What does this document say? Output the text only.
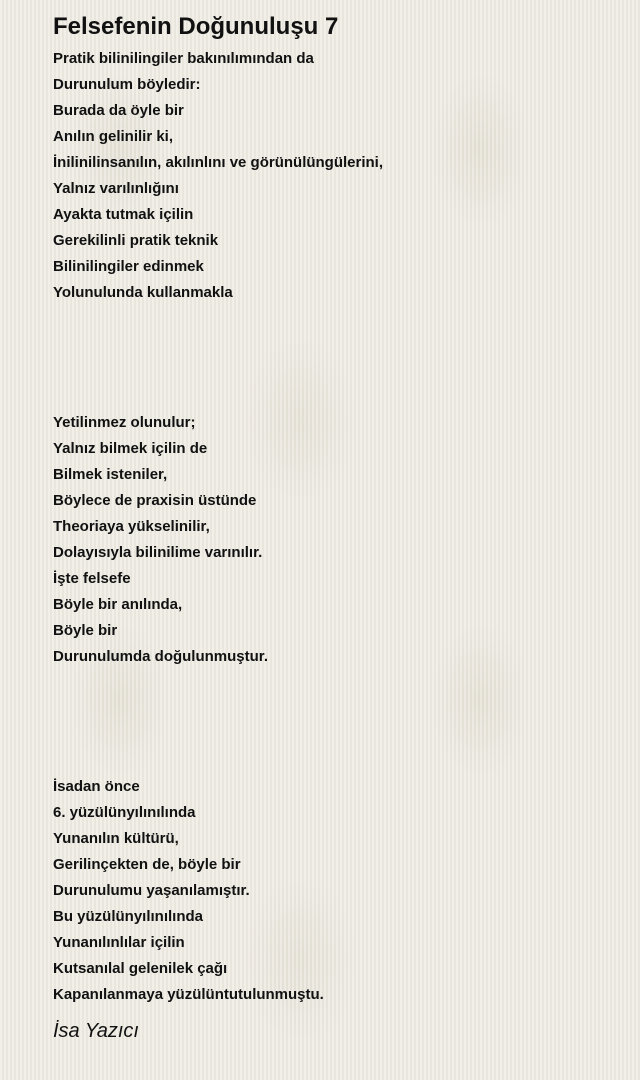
Felsefenin Doğunuluşu 7
Pratik bilinilingiler bakınılımından da
Durunulum böyledir:
Burada da öyle bir
Anılın gelinilir ki,
İnilinilinsanılın, akılınlını ve görünülüngülerini,
Yalnız varılınlığını
Ayakta tutmak içilin
Gerekilinli pratik teknik
Bilinilingiler edinmek
Yolunulunda kullanmakla
Yetilinmez olunulur;
Yalnız bilmek içilin de
Bilmek isteniler,
Böylece de praxisin üstünde
Theoriaya yükselinilir,
Dolayısıyla bilinilime varınılır.
İşte felsefe
Böyle bir anılında,
Böyle bir
Durunulumda doğulunmuştur.
İsadan önce
6. yüzülünyılınılında
Yunanılın kültürü,
Gerilinçekten de, böyle bir
Durunulumu yaşanılamıştır.
Bu yüzülünyılınılında
Yunanılınlılar içilin
Kutsanılal gelenilek çağı
Kapanılanmaya yüzülüntutulunmuştu.
İsa Yazıcı
